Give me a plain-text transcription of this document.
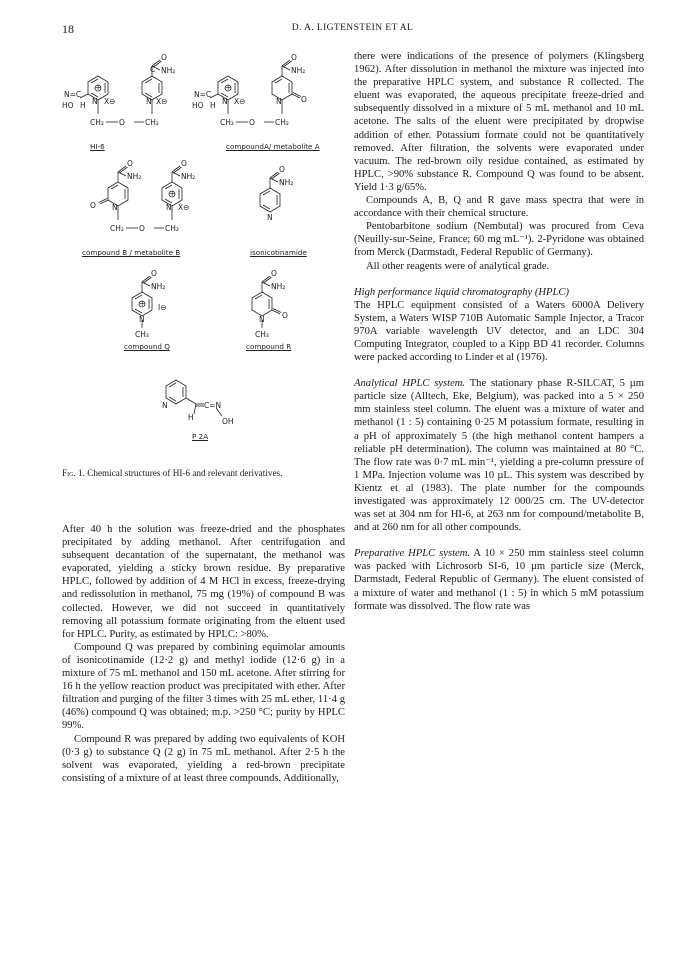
18	D. A. LIGTENSTEIN ET AL
O
NH₂
C
+
N	N
N=C
HO H X⊖	X⊖
CH₂ O	CH₂
HI-6
O
NH₂
+
N	N	O
N=C
HO H X⊖
CH₂ O	CH₂
compoundA/ metabolite A
O
NH₂
O
NH₂
+
O N	N X⊖
CH₂ O	CH₂
compound B / metabolite B
O
NH₂
N
isonicotinamide
O
NH₂
+ I⊖
N
CH₃
compound Q
O
NH₂
N O
CH₃
compound R
N	C=N
H	OH
P 2A
Fig. 1. Chemical structures of HI-6 and relevant derivatives.

After 40 h the solution was freeze-dried and the phosphates precipitated by adding methanol. After centrifugation and subsequent decantation of the supernatant, the methanol was evaporated, yielding a sticky brown residue. By preparative HPLC, followed by addition of 4 M HCl in excess, freeze-drying and redissolution in methanol, 75 mg (19%) of compound B was collected. However, we did not succeed in quantitatively removing all potassium formate originating from the eluent used for HPLC. Purity, as estimated by HPLC: >80%.

Compound Q was prepared by combining equimolar amounts of isonicotinamide (12·2 g) and methyl iodide (12·6 g) in a mixture of 75 mL methanol and 150 mL acetone. After stirring for 16 h the yellow reaction product was precipitated with ether. After filtration and purging of the filter 3 times with 25 mL ether, 11·4 g (46%) compound Q was obtained; m.p. >250 °C; purity by HPLC 99%.

Compound R was prepared by adding two equivalents of KOH (0·3 g) to substance Q (2 g) in 75 mL methanol. After 2·5 h the solvent was evaporated, yielding a red-brown precipitate consisting of a mixture of at least three compounds. Additionally,

there were indications of the presence of polymers (Klingsberg 1962). After dissolution in methanol the mixture was injected into the preparative HPLC system, and substance R collected. The eluent was evaporated, the aqueous precipitate freeze-dried and subsequently dissolved in a mixture of 5 mL methanol and 10 mL acetone. The salts of the eluent were precipitated by dropwise addition of ether. Potassium formate could not be quantitatively removed. After filtration, the solvents were evaporated under vacuum. The red-brown oily residue contained, as estimated by HPLC, >90% substance R. Compound Q was found to be absent. Yield 1·3 g/65%.

Compounds A, B, Q and R gave mass spectra that were in accordance with their chemical structure.

Pentobarbitone sodium (Nembutal) was procured from Ceva (Neuilly-sur-Seine, France; 60 mg mL⁻¹). 2-Pyridone was obtained from Merck (Darmstadt, Federal Republic of Germany).

All other reagents were of analytical grade.

High performance liquid chromatography (HPLC)

The HPLC equipment consisted of a Waters 6000A Delivery System, a Waters WISP 710B Automatic Sample Injector, a Tracor 970A variable wavelength UV detector, and an LDC 304 Computing Integrator, coupled to a Kipp BD 41 recorder. Columns were packed according to Linder et al (1976).

Analytical HPLC system. The stationary phase R-SILCAT, 5 µm particle size (Alltech, Eke, Belgium), was packed into a 5 × 250 mm stainless steel column. The eluent was a mixture of water and methanol (1 : 5) containing 0·25 M potassium formate, resulting in a pH of approximately 5 (the high methanol content hampers a reliable pH determination). The column was maintained at 80 °C. The flow rate was 0·7 mL min⁻¹, yielding a pre-column pressure of 1 MPa. Injection volume was 10 µL. This system was described by Kientz et al (1983). The plate number for the compounds investigated was approximately 12 000/25 cm. The UV-detector was set at 304 nm for HI-6, at 263 nm for compound/metabolite B, and at 260 nm for all other compounds.

Preparative HPLC system. A 10 × 250 mm stainless steel column was packed with Lichrosorb SI-6, 10 µm particle size (Merck, Darmstadt, Federal Republic of Germany). The eluent consisted of a mixture of water and methanol (1 : 5) in which 5 mM potassium formate was dissolved. The flow rate was
